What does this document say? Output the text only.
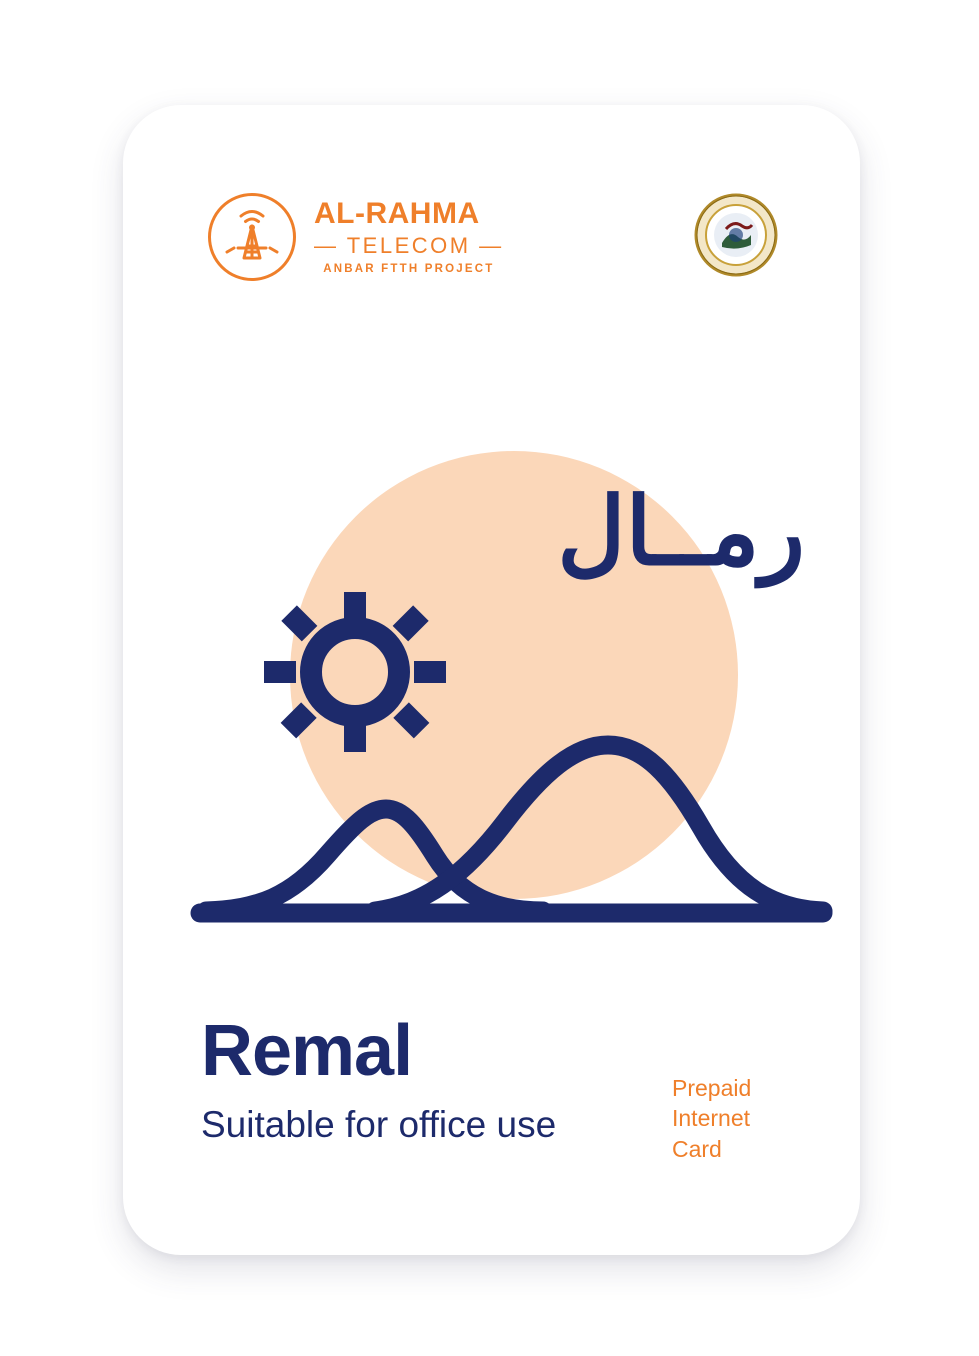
AL-RAHMA
— TELECOM —
ANBAR FTTH PROJECT
رمــال
Remal
Suitable for office use
Prepaid
Internet
Card
